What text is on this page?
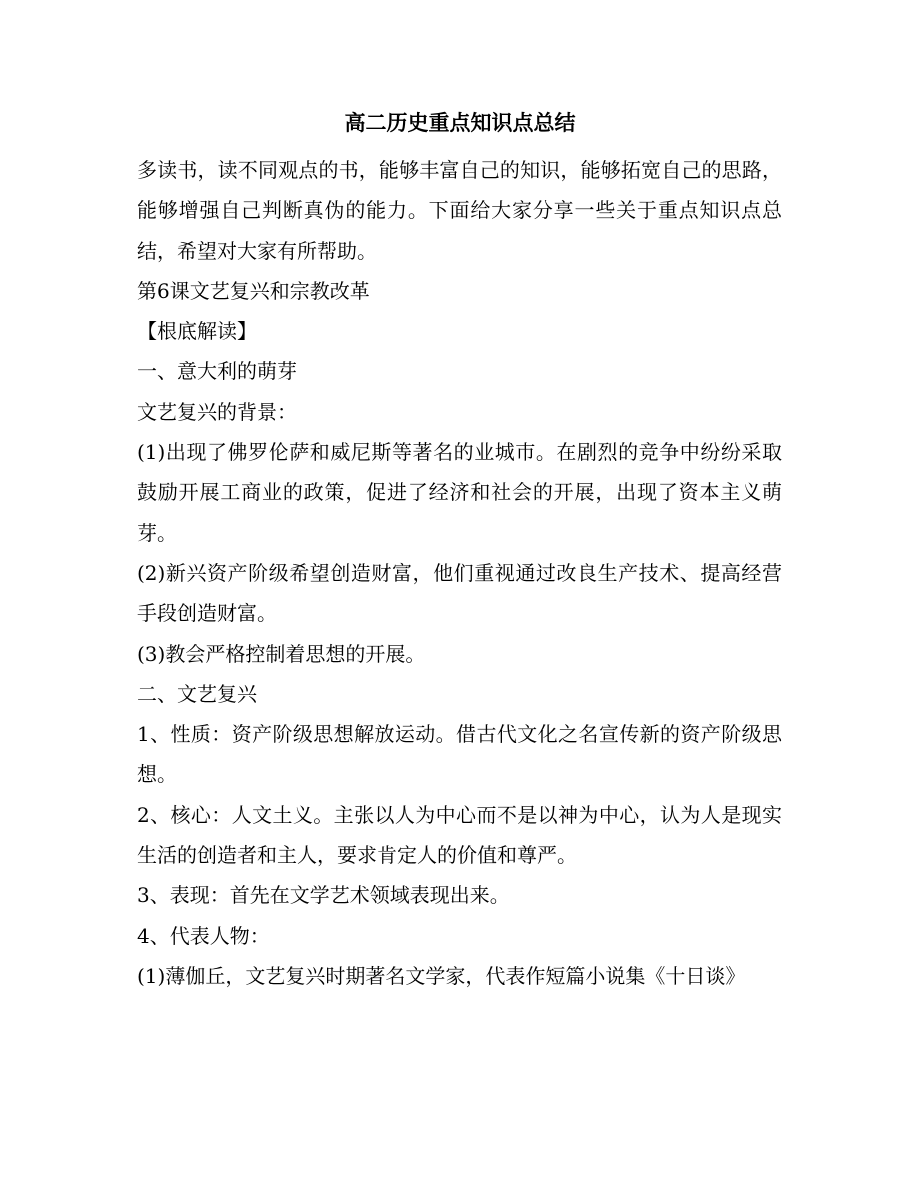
高二历史重点知识点总结

多读书，读不同观点的书，能够丰富自己的知识，能够拓宽自己的思路，能够增强自己判断真伪的能力。下面给大家分享一些关于重点知识点总结，希望对大家有所帮助。

第6课文艺复兴和宗教改革

【根底解读】

一、意大利的萌芽

文艺复兴的背景：

(1)出现了佛罗伦萨和威尼斯等著名的业城巿。在剧烈的竞争中纷纷采取鼓励开展工商业的政策，促进了经济和社会的开展，出现了资本主义萌芽。

(2)新兴资产阶级希望创造财富，他们重视通过改良生产技术、提高经营手段创造财富。

(3)教会严格控制着思想的开展。

二、文艺复兴

1、性质：资产阶级思想解放运动。借古代文化之名宣传新的资产阶级思想。

2、核心：人文土义。主张以人为中心而不是以神为中心，认为人是现实生活的创造者和主人，要求肯定人的价值和尊严。

3、表现：首先在文学艺术领域表现出来。

4、代表人物：

(1)薄伽丘，文艺复兴时期著名文学家，代表作短篇小说集《十日谈》
